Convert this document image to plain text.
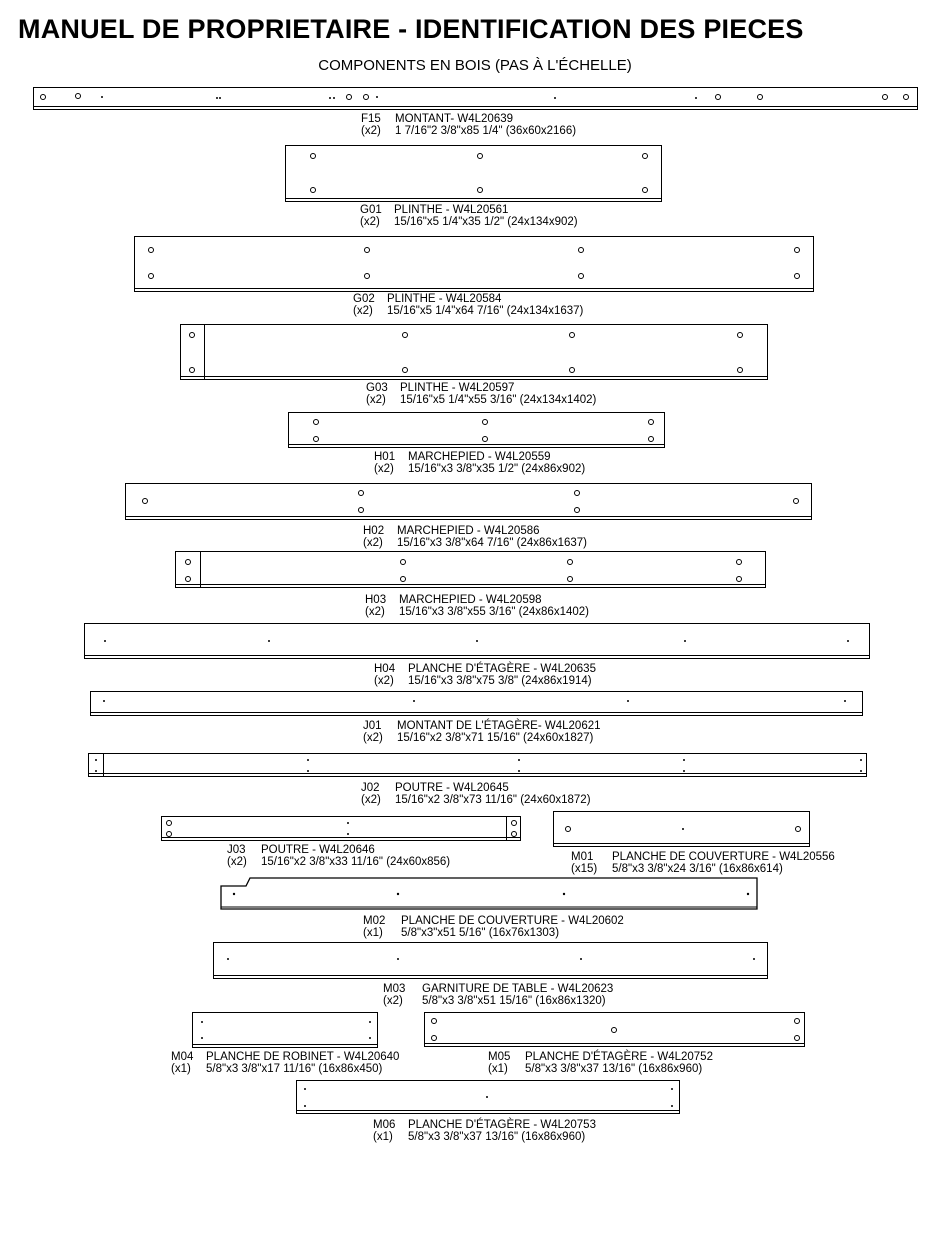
MANUEL DE PROPRIETAIRE - IDENTIFICATION DES PIECES
COMPONENTS EN BOIS (PAS À L'ÉCHELLE)
F15	MONTANT- W4L20639
(x2)	1 7/16"2 3/8"x85 1/4" (36x60x2166)
G01	PLINTHE - W4L20561
(x2)	15/16"x5 1/4"x35 1/2" (24x134x902)
G02	PLINTHE - W4L20584
(x2)	15/16"x5 1/4"x64 7/16" (24x134x1637)
G03	PLINTHE - W4L20597
(x2)	15/16"x5 1/4"x55 3/16" (24x134x1402)
H01	MARCHEPIED - W4L20559
(x2)	15/16"x3 3/8"x35 1/2" (24x86x902)
H02	MARCHEPIED - W4L20586
(x2)	15/16"x3 3/8"x64 7/16" (24x86x1637)
H03	MARCHEPIED - W4L20598
(x2)	15/16"x3 3/8"x55 3/16" (24x86x1402)
H04	PLANCHE D'ÉTAGÈRE - W4L20635
(x2)	15/16"x3 3/8"x75 3/8" (24x86x1914)
J01	MONTANT DE L'ÉTAGÈRE- W4L20621
(x2)	15/16"x2 3/8"x71 15/16" (24x60x1827)
J02	POUTRE - W4L20645
(x2)	15/16"x2 3/8"x73 11/16" (24x60x1872)
J03	POUTRE - W4L20646
(x2)	15/16"x2 3/8"x33 11/16" (24x60x856)	M01	PLANCHE DE COUVERTURE - W4L20556
(x15)	5/8"x3 3/8"x24 3/16" (16x86x614)
M02	PLANCHE DE COUVERTURE - W4L20602
(x1)	5/8"x3"x51 5/16" (16x76x1303)
M03	GARNITURE DE TABLE - W4L20623
(x2)	5/8"x3 3/8"x51 15/16" (16x86x1320)
M04	PLANCHE DE ROBINET - W4L20640
(x1)	5/8"x3 3/8"x17 11/16" (16x86x450)
M05	PLANCHE D'ÉTAGÈRE - W4L20752
(x1)	5/8"x3 3/8"x37 13/16" (16x86x960)
M06	PLANCHE D'ÉTAGÈRE - W4L20753
(x1)	5/8"x3 3/8"x37 13/16" (16x86x960)
